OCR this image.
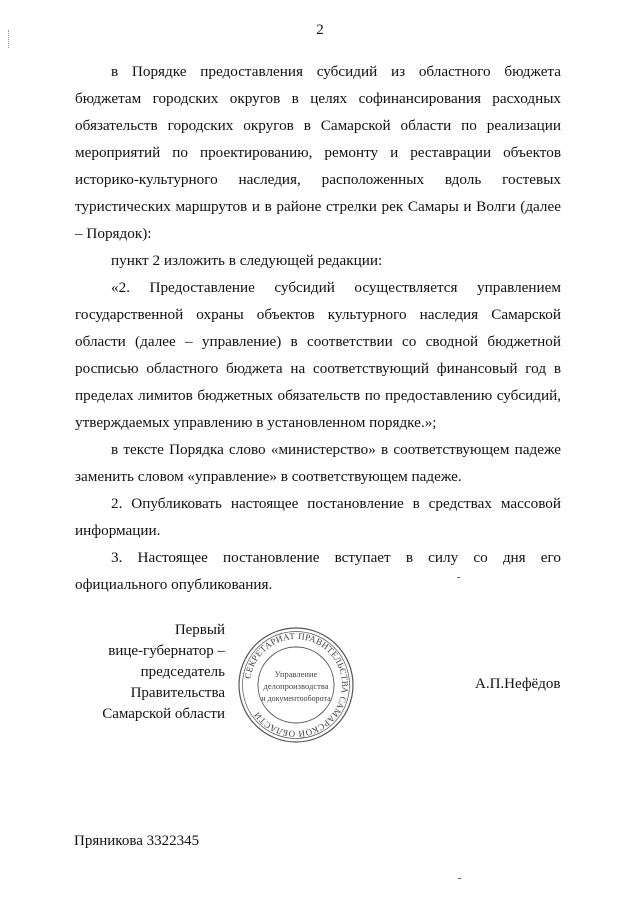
2

в Порядке предоставления субсидий из областного бюджета бюджетам городских округов в целях софинансирования расходных обязательств городских округов в Самарской области по реализации мероприятий по проектированию, ремонту и реставрации объектов историко-культурного наследия, расположенных вдоль гостевых туристических маршрутов и в районе стрелки рек Самары и Волги (далее – Порядок):

пункт 2 изложить в следующей редакции:

«2. Предоставление субсидий осуществляется управлением государственной охраны объектов культурного наследия Самарской области (далее – управление) в соответствии со сводной бюджетной росписью областного бюджета на соответствующий финансовый год в пределах лимитов бюджетных обязательств по предоставлению субсидий, утверждаемых управлению в установленном порядке.»;

в тексте Порядка слово «министерство» в соответствующем падеже заменить словом «управление» в соответствующем падеже.

2. Опубликовать настоящее постановление в средствах массовой информации.

3. Настоящее постановление вступает в силу со дня его официального опубликования.

Первый
вице-губернатор –
председатель Правительства
Самарской области
СЕКРЕТАРИАТ ПРАВИТЕЛЬСТВА САМАРСКОЙ ОБЛАСТИ
Управление
делопроизводства
и документооборота
А.П.Нефёдов
Пряникова 3322345
